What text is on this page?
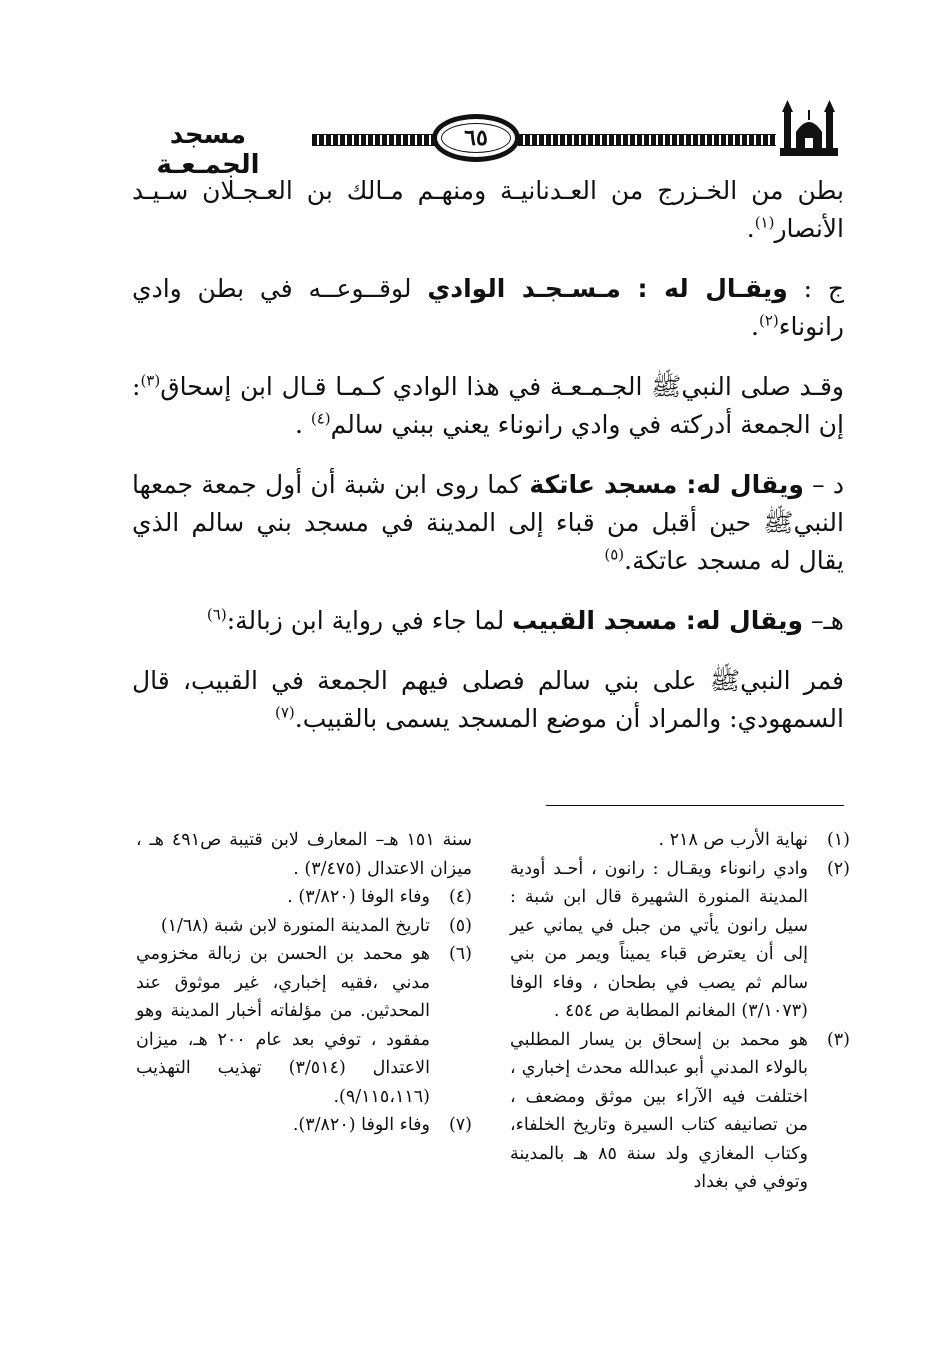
٦٥
مسجد الجمـعـة

بطن من الخـزرج من العـدنانيـة ومنهـم مـالك بن العـجـلان سـيـد الأنصار$^{(١)}$.

ج : ويقـال له : مـسـجـد الوادي لوقــوعــه في بطن وادي رانوناء$^{(٢)}$.

وقـد صلى النبيﷺ الجـمـعـة في هذا الوادي كـمـا قـال ابن إسحاق$^{(٣)}$: إن الجمعة أدركته في وادي رانوناء يعني ببني سالم$^{(٤)}$ .

د – ويقال له: مسجد عاتكة كما روى ابن شبة أن أول جمعة جمعها النبيﷺ حين أقبل من قباء إلى المدينة في مسجد بني سالم الذي يقال له مسجد عاتكة.$^{(٥)}$

هـ– ويقال له: مسجد القبيب لما جاء في رواية ابن زبالة:$^{(٦)}$

فمر النبيﷺ على بني سالم فصلى فيهم الجمعة في القبيب، قال السمهودي: والمراد أن موضع المسجد يسمى بالقبيب.$^{(٧)}$

(١)
نهاية الأرب ص ٢١٨ .
(٢)
وادي رانوناء ويقـال : رانون ، أحـد أودية المدينة المنورة الشهيرة قال ابن شبة : سيل رانون يأتي من جبل في يماني عير إلى أن يعترض قباء يميناً ويمر من بني سالم ثم يصب في بطحان ، وفاء الوفا (٣/١٠٧٣) المغانم المطابة ص ٤٥٤ .
(٣)
هو محمد بن إسحاق بن يسار المطلبي بالولاء المدني أبو عبدالله محدث إخباري ، اختلفت فيه الآراء بين موثق ومضعف ، من تصانيفه كتاب السيرة وتاريخ الخلفاء، وكتاب المغازي ولد سنة ٨٥ هـ بالمدينة وتوفي في بغداد
سنة ١٥١ هـ– المعارف لابن قتيبة ص٤٩١ هـ ، ميزان الاعتدال (٣/٤٧٥) .
(٤)
وفاء الوفا (٣/٨٢٠) .
(٥)
تاريخ المدينة المنورة لابن شبة (١/٦٨)
(٦)
هو محمد بن الحسن بن زبالة مخزومي مدني ،فقيه إخباري، غير موثوق عند المحدثين. من مؤلفاته أخبار المدينة وهو مفقود ، توفي بعد عام ٢٠٠ هـ، ميزان الاعتدال (٣/٥١٤) تهذيب التهذيب (٩/١١٥،١١٦).
(٧)
وفاء الوفا (٣/٨٢٠).
